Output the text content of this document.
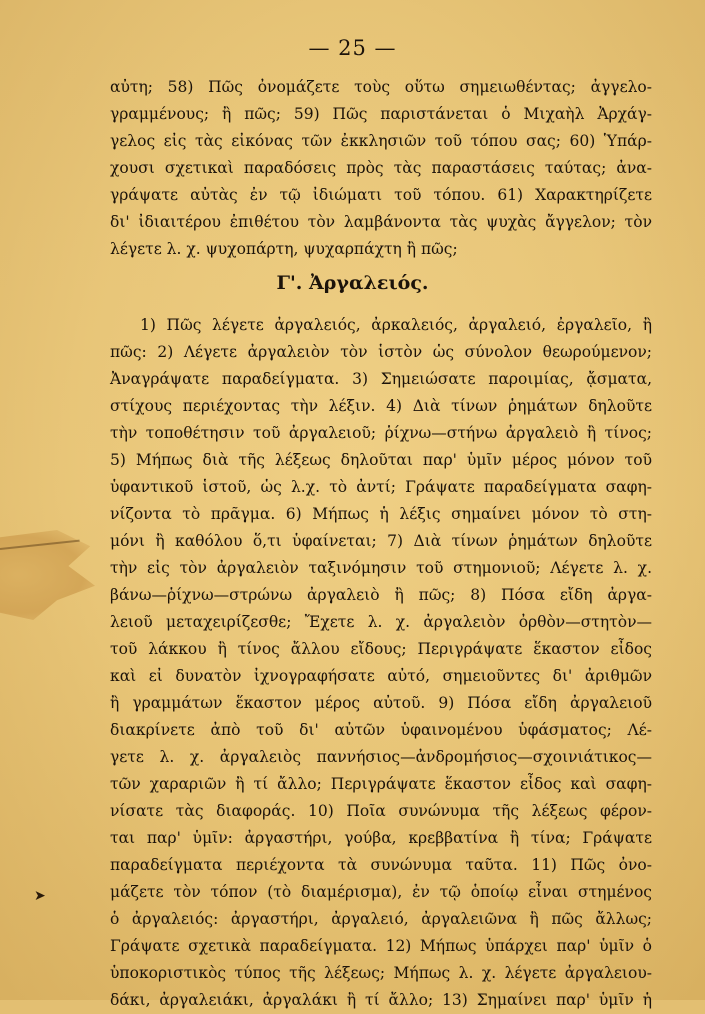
— 25 —
αὐτη; 58) Πῶς ὀνομάζετε τοὺς οὕτω σημειωθέντας; ἀγγελο-
γραμμένους; ἢ πῶς; 59) Πῶς παριστάνεται ὁ Μιχαὴλ Ἀρχάγ-
γελος εἰς τὰς εἰκόνας τῶν ἐκκλησιῶν τοῦ τόπου σας; 60) Ὑπάρ-
χουσι σχετικαὶ παραδόσεις πρὸς τὰς παραστάσεις ταύτας; ἀνα-
γράψατε αὐτὰς ἐν τῷ ἰδιώματι τοῦ τόπου. 61) Χαρακτηρίζετε
δι' ἰδιαιτέρου ἐπιθέτου τὸν λαμβάνοντα τὰς ψυχὰς ἄγγελον; τὸν
λέγετε λ. χ. ψυχοπάρτη, ψυχαρπάχτη ἢ πῶς;
Γ'. Ἀργαλειός.
1) Πῶς λέγετε ἀργαλειός, ἀρκαλειός, ἀργαλειό, ἐργαλεῖο, ἢ
πῶς: 2) Λέγετε ἀργαλειὸν τὸν ἱστὸν ὡς σύνολον θεωρούμενον;
Ἀναγράψατε παραδείγματα. 3) Σημειώσατε παροιμίας, ᾄσματα,
στίχους περιέχοντας τὴν λέξιν. 4) Διὰ τίνων ῥημάτων δηλοῦτε
τὴν τοποθέτησιν τοῦ ἀργαλειοῦ; ῥίχνω—στήνω ἀργαλειὸ ἢ τίνος;
5) Μήπως διὰ τῆς λέξεως δηλοῦται παρ' ὑμῖν μέρος μόνον τοῦ
ὑφαντικοῦ ἱστοῦ, ὡς λ.χ. τὸ ἀντί; Γράψατε παραδείγματα σαφη-
νίζοντα τὸ πρᾶγμα. 6) Μήπως ἡ λέξις σημαίνει μόνον τὸ στη-
μόνι ἢ καθόλου ὅ,τι ὑφαίνεται; 7) Διὰ τίνων ῥημάτων δηλοῦτε
τὴν εἰς τὸν ἀργαλειὸν ταξινόμησιν τοῦ στημονιοῦ; Λέγετε λ. χ.
βάνω—ῥίχνω—στρώνω ἀργαλειὸ ἢ πῶς; 8) Πόσα εἴδη ἀργα-
λειοῦ μεταχειρίζεσθε; Ἔχετε λ. χ. ἀργαλειὸν ὀρθὸν—στητὸν—
τοῦ λάκκου ἢ τίνος ἄλλου εἴδους; Περιγράψατε ἕκαστον εἶδος
καὶ εἰ δυνατὸν ἰχνογραφήσατε αὐτό, σημειοῦντες δι' ἀριθμῶν
ἢ γραμμάτων ἕκαστον μέρος αὐτοῦ. 9) Πόσα εἴδη ἀργαλειοῦ
διακρίνετε ἀπὸ τοῦ δι' αὐτῶν ὑφαινομένου ὑφάσματος; Λέ-
γετε λ. χ. ἀργαλειὸς παννήσιος—ἀνδρομήσιος—σχοινιάτικος—
τῶν χαραριῶν ἢ τί ἄλλο; Περιγράψατε ἕκαστον εἶδος καὶ σαφη-
νίσατε τὰς διαφοράς. 10) Ποῖα συνώνυμα τῆς λέξεως φέρον-
ται παρ' ὑμῖν: ἀργαστήρι, γούβα, κρεββατίνα ἢ τίνα; Γράψατε
παραδείγματα περιέχοντα τὰ συνώνυμα ταῦτα. 11) Πῶς ὀνο-
μάζετε τὸν τόπον (τὸ διαμέρισμα), ἐν τῷ ὁποίῳ εἶναι στημένος
ὁ ἀργαλειός: ἀργαστήρι, ἀργαλειό, ἀργαλειῶνα ἢ πῶς ἄλλως;
Γράψατε σχετικὰ παραδείγματα. 12) Μήπως ὑπάρχει παρ' ὑμῖν ὁ
ὑποκοριστικὸς τύπος τῆς λέξεως; Μήπως λ. χ. λέγετε ἀργαλειου-
δάκι, ἀργαλειάκι, ἀργαλάκι ἢ τί ἄλλο; 13) Σημαίνει παρ' ὑμῖν ἡ
➤
